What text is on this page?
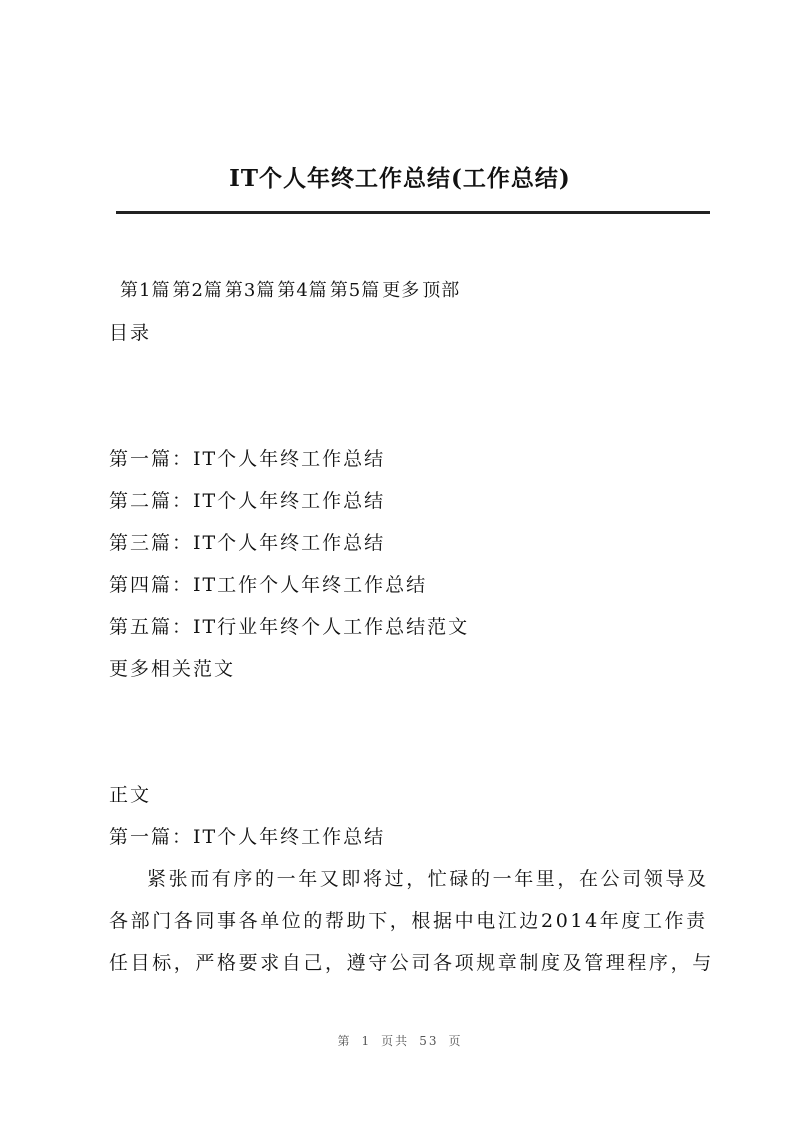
IT个人年终工作总结(工作总结)
第1篇 第2篇 第3篇 第4篇 第5篇 更多 顶部
目录
第一篇：IT个人年终工作总结
第二篇：IT个人年终工作总结
第三篇：IT个人年终工作总结
第四篇：IT工作个人年终工作总结
第五篇：IT行业年终个人工作总结范文
更多相关范文
正文
第一篇：IT个人年终工作总结
紧张而有序的一年又即将过，忙碌的一年里，在公司领导及各部门各同事各单位的帮助下，根据中电江边2014年度工作责任目标，严格要求自己，遵守公司各项规章制度及管理程序，与
第 1 页共 53 页
